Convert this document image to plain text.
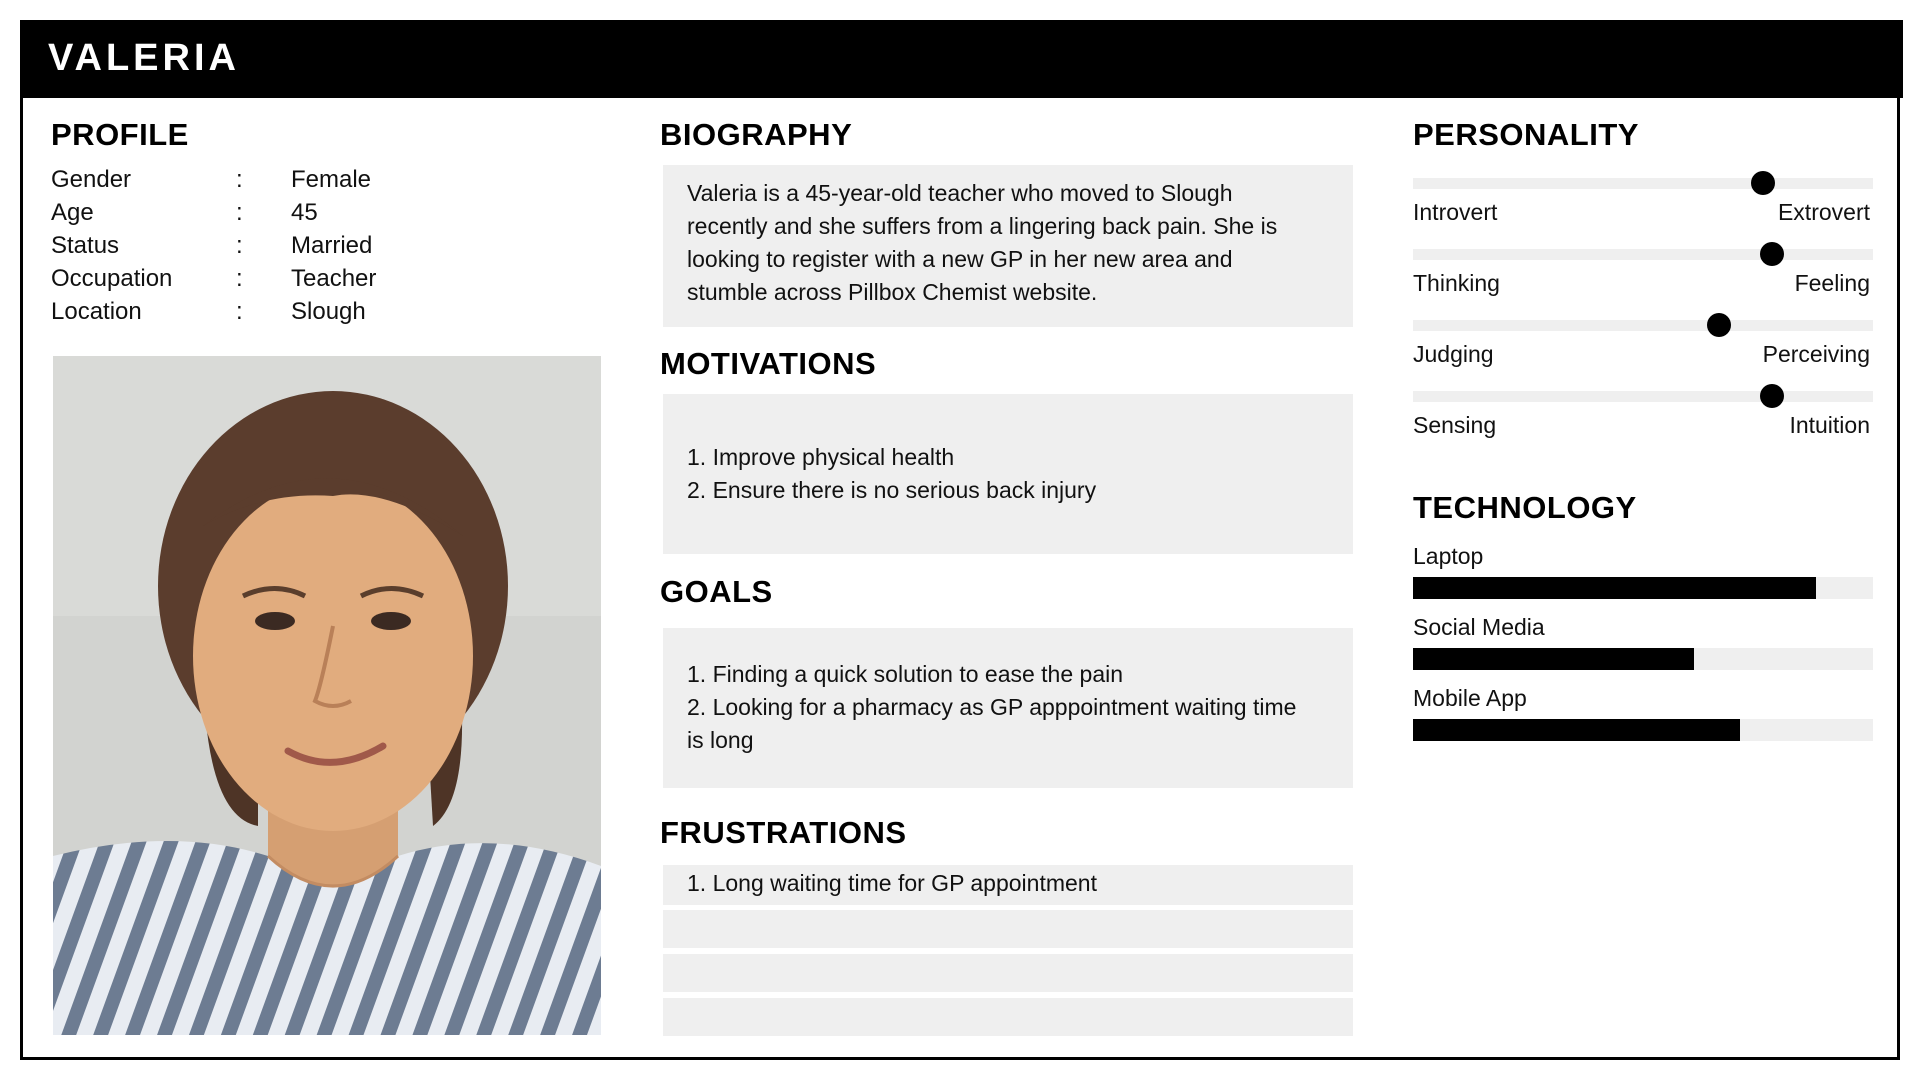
VALERIA
PROFILE
Gender	: Female
Age	: 45
Status	: Married
Occupation	: Teacher
Location	: Slough
BIOGRAPHY
Valeria is a 45-year-old teacher who moved to Slough
recently and she suffers from a lingering back pain. She is
looking to register with a new GP in her new area and
stumble across Pillbox Chemist website.
MOTIVATIONS
1. Improve physical health
2. Ensure there is no serious back injury
GOALS
1. Finding a quick solution to ease the pain
2. Looking for a pharmacy as GP apppointment waiting time
is long
FRUSTRATIONS
1. Long waiting time for GP appointment
PERSONALITY
Introvert	Extrovert
Thinking	Feeling
Judging	Perceiving
Sensing	Intuition
TECHNOLOGY
Laptop
Social Media
Mobile App
